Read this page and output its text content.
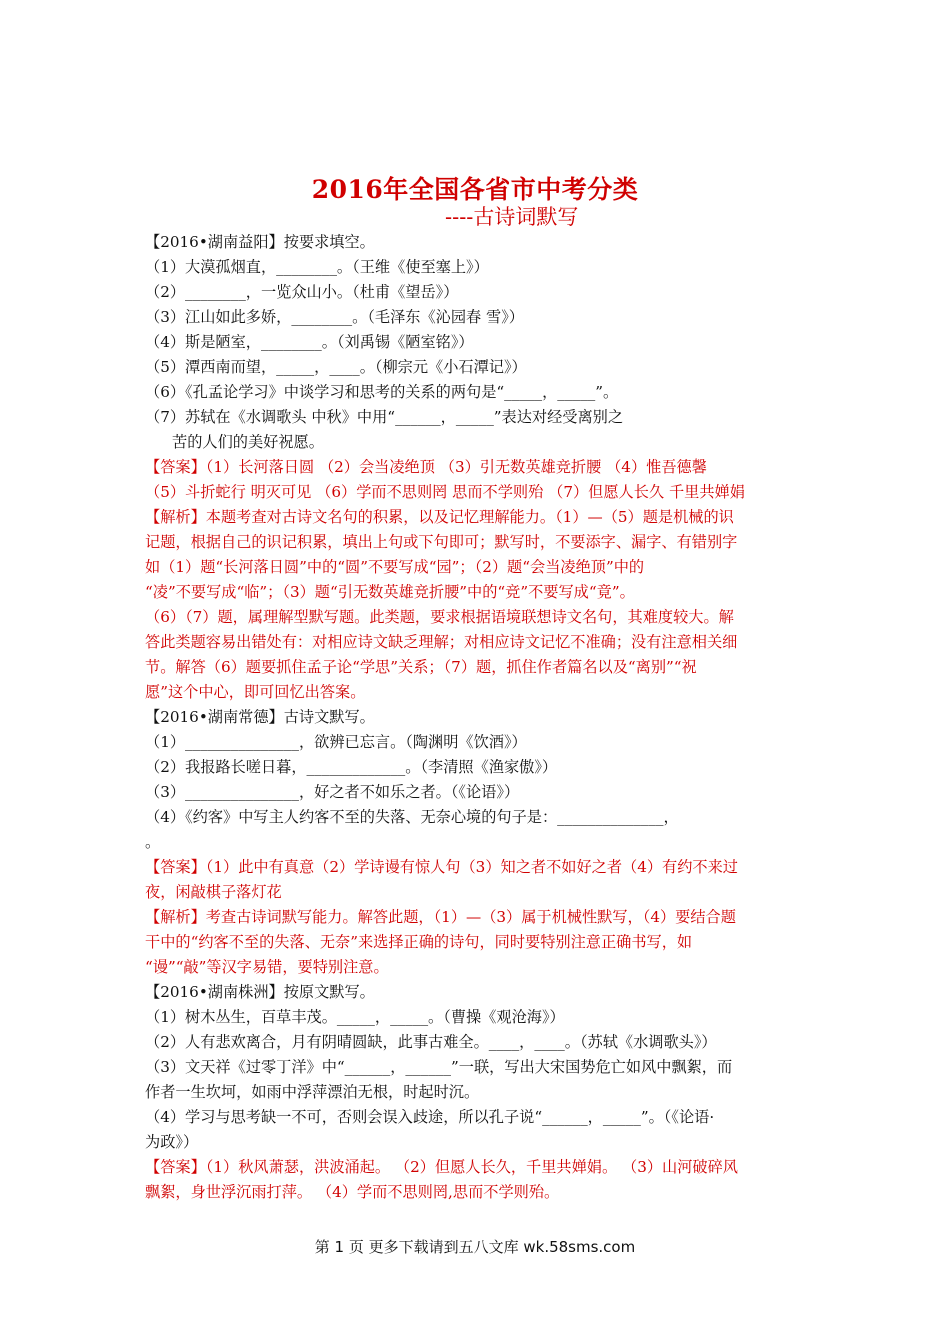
2016年全国各省市中考分类
----古诗词默写

【2016•湖南益阳】按要求填空。

（1）大漠孤烟直，________。（王维《使至塞上》）

（2）________，一览众山小。（杜甫《望岳》）

（3）江山如此多娇，________。（毛泽东《沁园春 雪》）

（4）斯是陋室，________。（刘禹锡《陋室铭》）

（5）潭西南而望，_____，____。（柳宗元《小石潭记》）

（6）《孔孟论学习》中谈学习和思考的关系的两句是“_____，_____”。

（7）苏轼在《水调歌头 中秋》中用“______，_____”表达对经受离别之

苦的人们的美好祝愿。

【答案】（1）长河落日圆 （2）会当凌绝顶 （3）引无数英雄竞折腰 （4）惟吾德馨

（5）斗折蛇行 明灭可见 （6）学而不思则罔 思而不学则殆 （7）但愿人长久 千里共婵娟

【解析】本题考查对古诗文名句的积累，以及记忆理解能力。（1）—（5）题是机械的识

记题，根据自己的识记积累，填出上句或下句即可；默写时，不要添字、漏字、有错别字

如（1）题“长河落日圆”中的“圆”不要写成“园”；（2）题“会当凌绝顶”中的

“凌”不要写成“临”；（3）题“引无数英雄竞折腰”中的“竞”不要写成“竟”。

（6）（7）题，属理解型默写题。此类题，要求根据语境联想诗文名句，其难度较大。解

答此类题容易出错处有：对相应诗文缺乏理解；对相应诗文记忆不准确；没有注意相关细

节。解答（6）题要抓住孟子论“学思”关系；（7）题，抓住作者篇名以及“离别”“祝

愿”这个中心，即可回忆出答案。

【2016•湖南常德】古诗文默写。

（1）_______________，欲辨已忘言。（陶渊明《饮酒》）

（2）我报路长嗟日暮，_____________。（李清照《渔家傲》）

（3）_______________，好之者不如乐之者。（《论语》）

（4）《约客》中写主人约客不至的失落、无奈心境的句子是：______________，

。

【答案】（1）此中有真意（2）学诗谩有惊人句（3）知之者不如好之者（4）有约不来过

夜，闲敲棋子落灯花

【解析】考查古诗词默写能力。解答此题，（1）—（3）属于机械性默写，（4）要结合题

干中的“约客不至的失落、无奈”来选择正确的诗句，同时要特别注意正确书写，如

“谩”“敲”等汉字易错，要特别注意。

【2016•湖南株洲】按原文默写。

（1）树木丛生，百草丰茂。_____，_____。（曹操《观沧海》）

（2）人有悲欢离合，月有阴晴圆缺，此事古难全。____，____。（苏轼《水调歌头》）

（3）文天祥《过零丁洋》中“______，______”一联，写出大宋国势危亡如风中飘絮，而

作者一生坎坷，如雨中浮萍漂泊无根，时起时沉。

（4）学习与思考缺一不可，否则会误入歧途，所以孔子说“______，_____”。（《论语·

为政》）

【答案】（1）秋风萧瑟，洪波涌起。 （2）但愿人长久，千里共婵娟。 （3）山河破碎风

飘絮，身世浮沉雨打萍。 （4）学而不思则罔,思而不学则殆。

第 1 页 更多下载请到五八文库 wk.58sms.com
